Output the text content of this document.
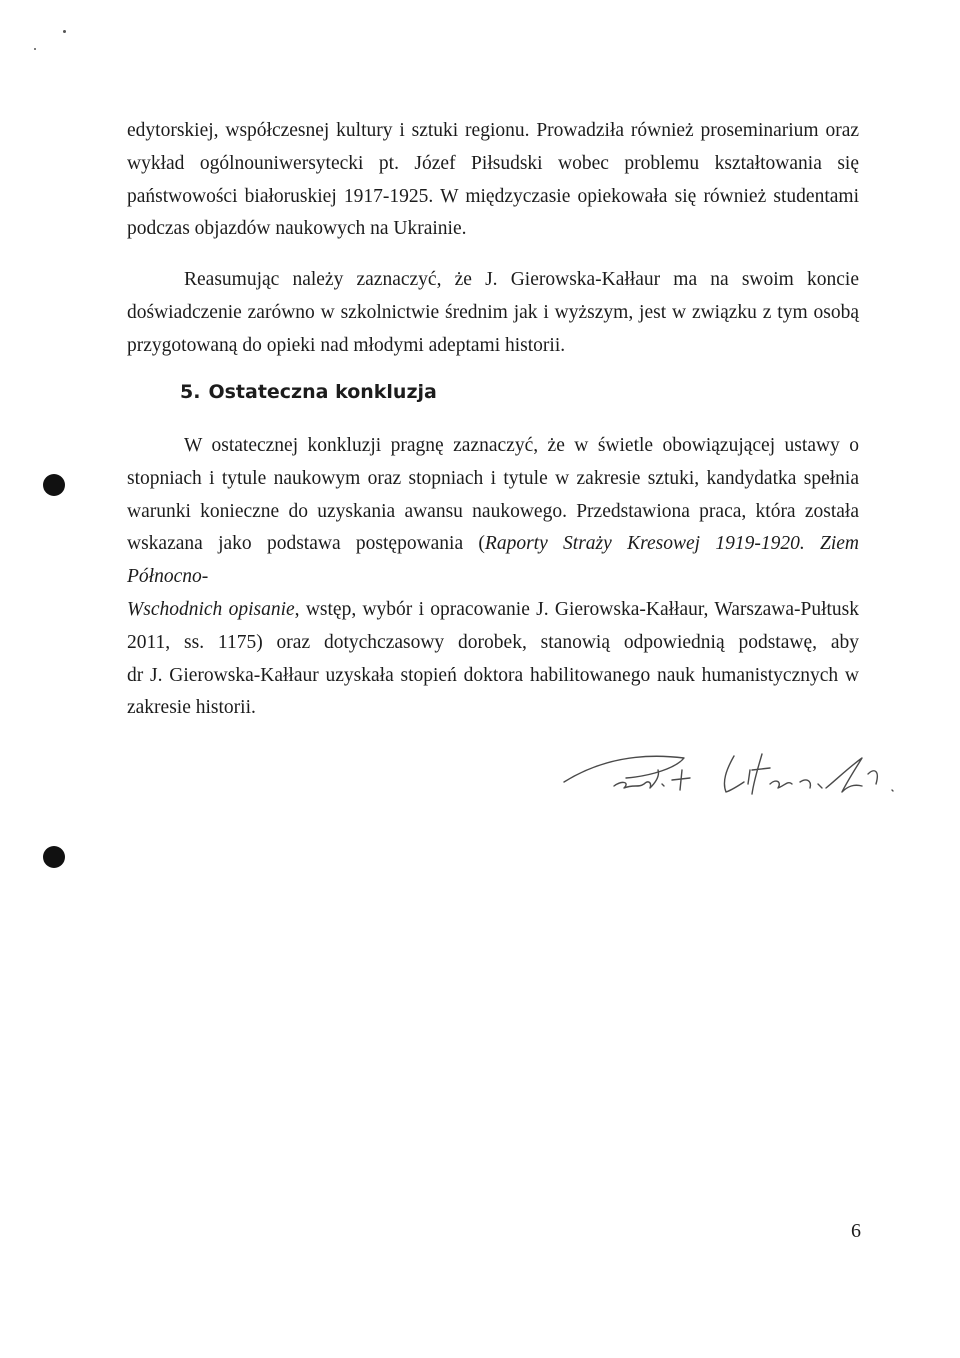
edytorskiej, współczesnej kultury i sztuki regionu. Prowadziła również proseminarium oraz
wykład ogólnouniwersytecki pt. Józef Piłsudski wobec problemu kształtowania się
państwowości białoruskiej 1917-1925. W międzyczasie opiekowała się również studentami
podczas objazdów naukowych na Ukrainie.
Reasumując należy zaznaczyć, że J. Gierowska-Kałłaur ma na swoim koncie
doświadczenie zarówno w szkolnictwie średnim jak i wyższym, jest w związku z tym osobą
przygotowaną do opieki nad młodymi adeptami historii.
5. Ostateczna konkluzja
W ostatecznej konkluzji pragnę zaznaczyć, że w świetle obowiązującej ustawy o
stopniach i tytule naukowym oraz stopniach i tytule w zakresie sztuki, kandydatka spełnia
warunki konieczne do uzyskania awansu naukowego. Przedstawiona praca, która została
wskazana jako podstawa postępowania (Raporty Straży Kresowej 1919-1920. Ziem Północno-
Wschodnich opisanie, wstęp, wybór i opracowanie J. Gierowska-Kałłaur, Warszawa-Pułtusk
2011, ss. 1175) oraz dotychczasowy dorobek, stanowią odpowiednią podstawę, aby
dr J. Gierowska-Kałłaur uzyskała stopień doktora habilitowanego nauk humanistycznych w
zakresie historii.
6
